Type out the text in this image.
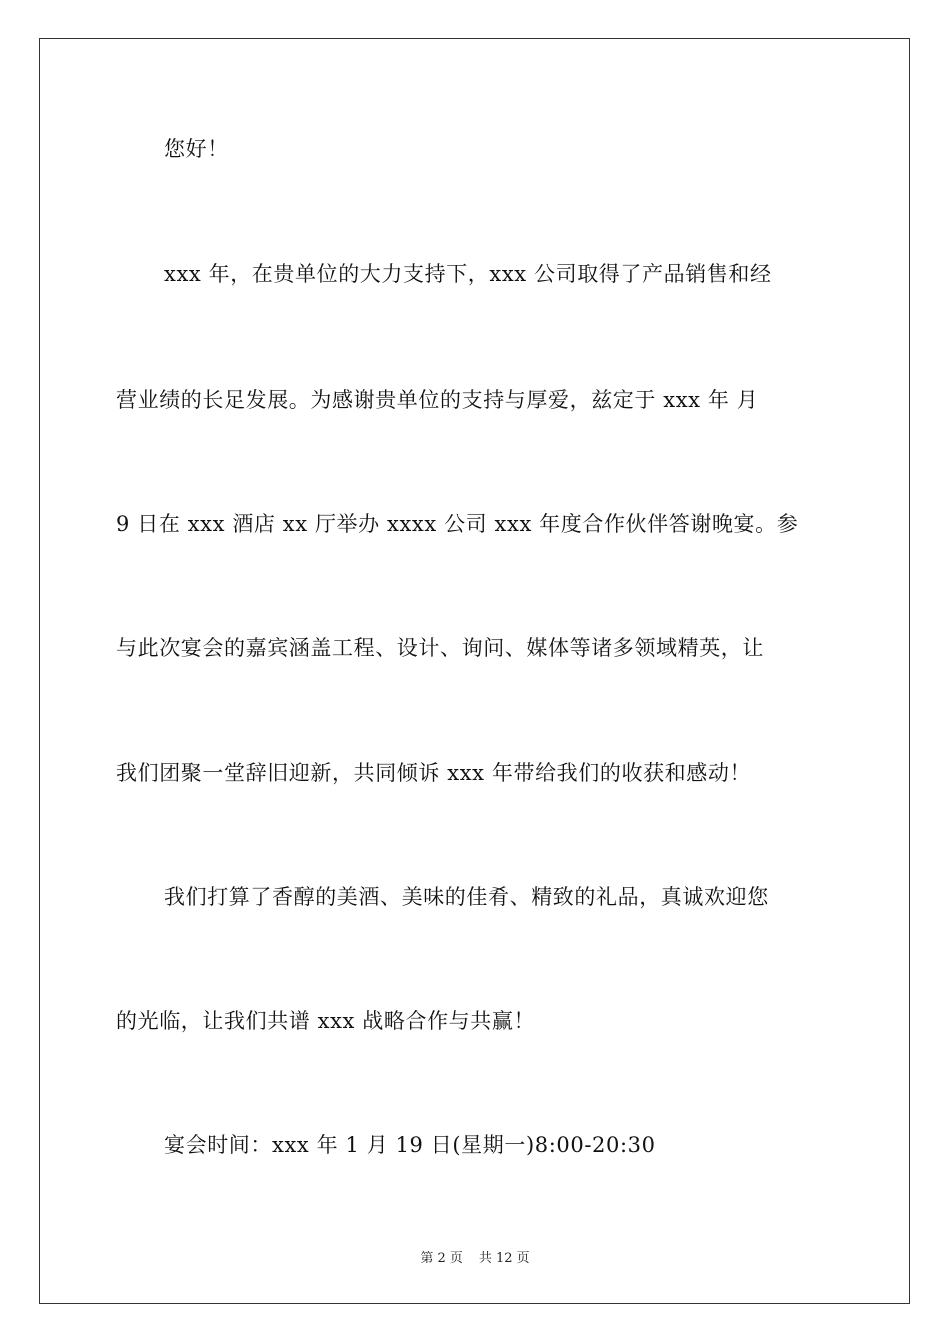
您好！
xxx 年，在贵单位的大力支持下，xxx 公司取得了产品销售和经
营业绩的长足发展。为感谢贵单位的支持与厚爱，兹定于 xxx 年 月
9 日在 xxx 酒店 xx 厅举办 xxxx 公司 xxx 年度合作伙伴答谢晚宴。参
与此次宴会的嘉宾涵盖工程、设计、询问、媒体等诸多领域精英，让
我们团聚一堂辞旧迎新，共同倾诉 xxx 年带给我们的收获和感动！
我们打算了香醇的美酒、美味的佳肴、精致的礼品，真诚欢迎您
的光临，让我们共谱 xxx 战略合作与共赢！
宴会时间：xxx 年 1 月 19 日(星期一)8:00-20:30
第 2 页 共 12 页
